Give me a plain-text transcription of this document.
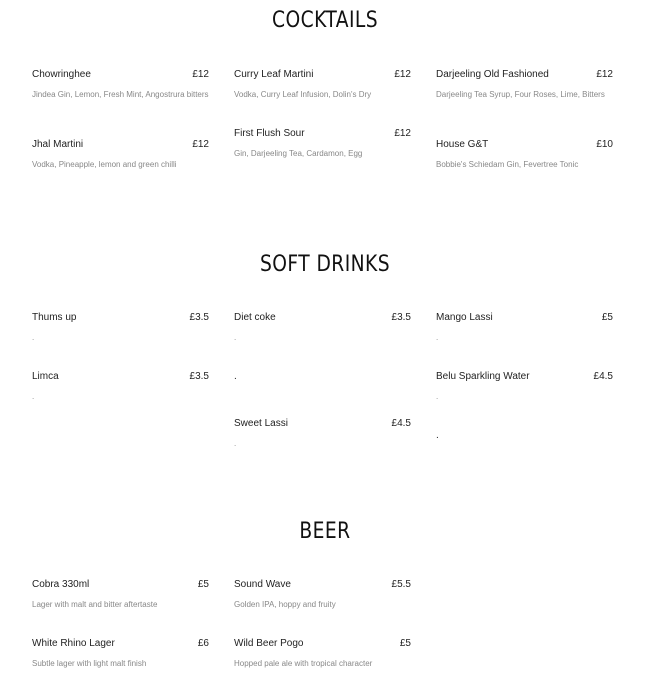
COCKTAILS
Chowringhee	£12
Jindea Gin, Lemon, Fresh Mint, Angostrura bitters
Curry Leaf Martini	£12
Vodka, Curry Leaf Infusion, Dolin's Dry
Darjeeling Old Fashioned	£12
Darjeeling Tea Syrup, Four Roses, Lime, Bitters
Jhal Martini	£12
Vodka, Pineapple, lemon and green chilli
First Flush Sour	£12
Gin, Darjeeling Tea, Cardamon, Egg
House G&T	£10
Bobbie's Schiedam Gin, Fevertree Tonic
SOFT DRINKS
Thums up	£3.5
.
Diet coke	£3.5
.
Mango Lassi	£5
.
Limca	£3.5
.
.	Belu Sparkling Water	£4.5
.
Sweet Lassi	£4.5
.
.
BEER
Cobra 330ml	£5
Lager with malt and bitter aftertaste
Sound Wave	£5.5
Golden IPA, hoppy and fruity
White Rhino Lager	£6
Subtle lager with light malt finish
Wild Beer Pogo	£5
Hopped pale ale with tropical character
